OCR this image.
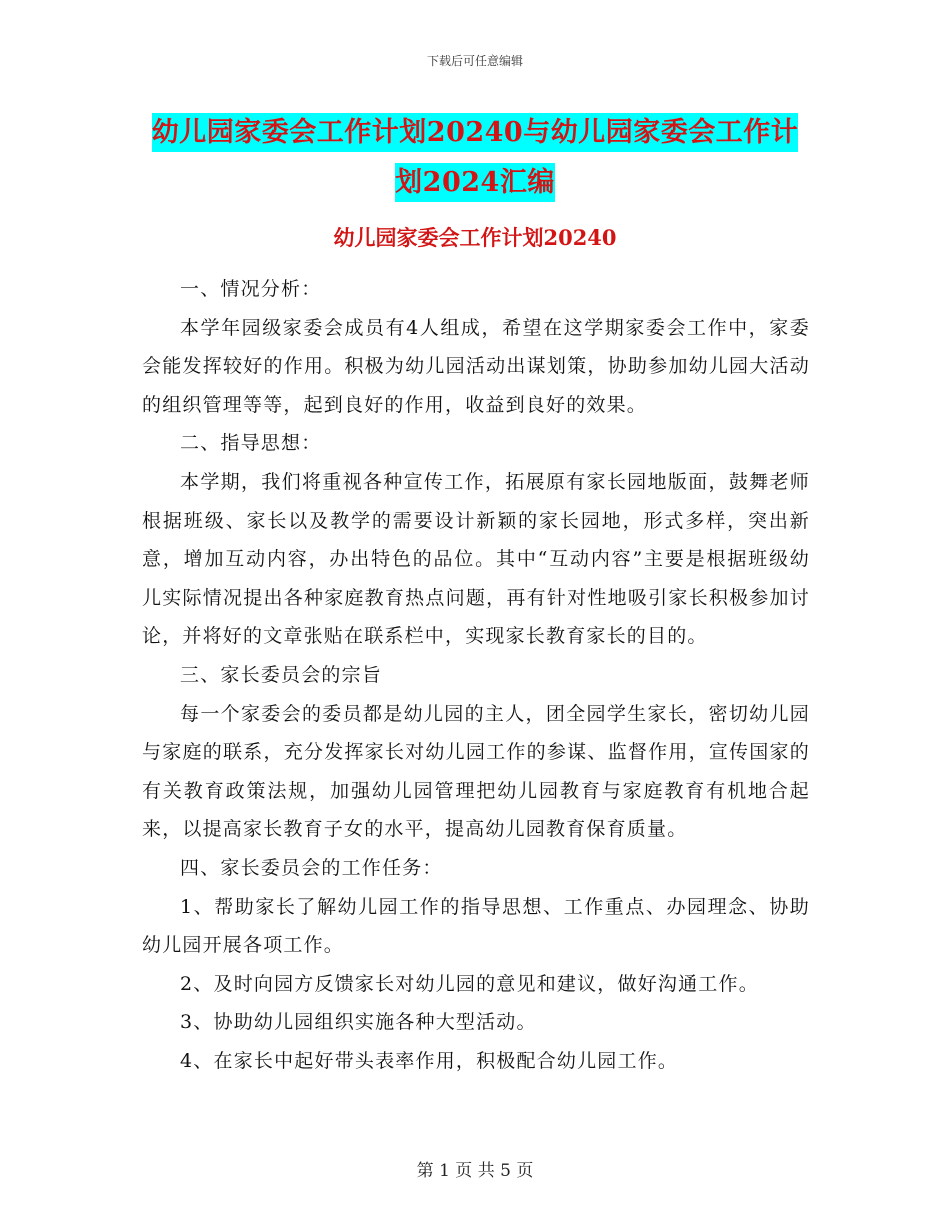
下载后可任意编辑
幼儿园家委会工作计划20240与幼儿园家委会工作计划2024汇编
幼儿园家委会工作计划20240

一、情况分析：

本学年园级家委会成员有4人组成，希望在这学期家委会工作中，家委会能发挥较好的作用。积极为幼儿园活动出谋划策，协助参加幼儿园大活动的组织管理等等，起到良好的作用，收益到良好的效果。

二、指导思想：

本学期，我们将重视各种宣传工作，拓展原有家长园地版面，鼓舞老师根据班级、家长以及教学的需要设计新颖的家长园地，形式多样，突出新意，增加互动内容，办出特色的品位。其中“互动内容”主要是根据班级幼儿实际情况提出各种家庭教育热点问题，再有针对性地吸引家长积极参加讨论，并将好的文章张贴在联系栏中，实现家长教育家长的目的。

三、家长委员会的宗旨

每一个家委会的委员都是幼儿园的主人，团全园学生家长，密切幼儿园与家庭的联系，充分发挥家长对幼儿园工作的参谋、监督作用，宣传国家的有关教育政策法规，加强幼儿园管理把幼儿园教育与家庭教育有机地合起来，以提高家长教育子女的水平，提高幼儿园教育保育质量。

四、家长委员会的工作任务：

1、帮助家长了解幼儿园工作的指导思想、工作重点、办园理念、协助幼儿园开展各项工作。

2、及时向园方反馈家长对幼儿园的意见和建议，做好沟通工作。

3、协助幼儿园组织实施各种大型活动。

4、在家长中起好带头表率作用，积极配合幼儿园工作。

第 1 页 共 5 页
